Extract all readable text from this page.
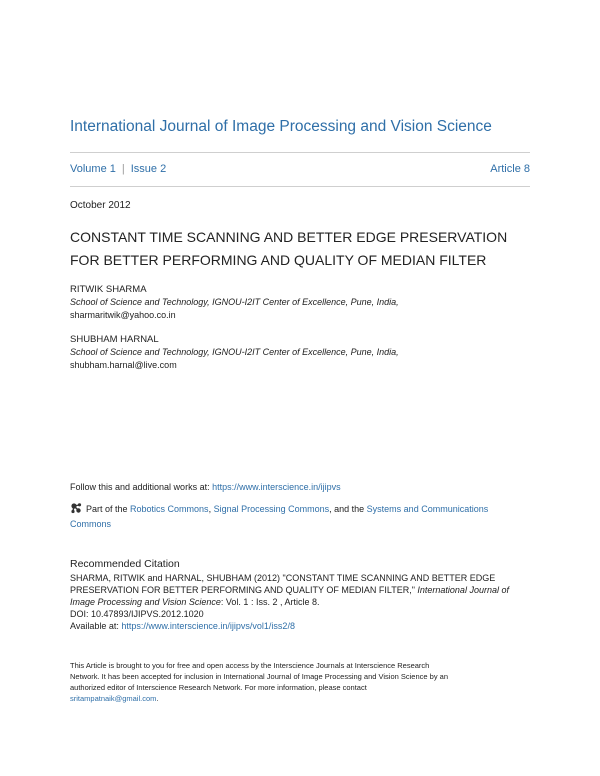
International Journal of Image Processing and Vision Science
Volume 1 | Issue 2	Article 8
October 2012
CONSTANT TIME SCANNING AND BETTER EDGE PRESERVATION
FOR BETTER PERFORMING AND QUALITY OF MEDIAN FILTER
RITWIK SHARMA
School of Science and Technology, IGNOU-I2IT Center of Excellence, Pune, India,
sharmaritwik@yahoo.co.in
SHUBHAM HARNAL
School of Science and Technology, IGNOU-I2IT Center of Excellence, Pune, India,
shubham.harnal@live.com
Follow this and additional works at: https://www.interscience.in/ijipvs
Part of the Robotics Commons, Signal Processing Commons, and the Systems and Communications
Commons
Recommended Citation
SHARMA, RITWIK and HARNAL, SHUBHAM (2012) "CONSTANT TIME SCANNING AND BETTER EDGE
PRESERVATION FOR BETTER PERFORMING AND QUALITY OF MEDIAN FILTER," International Journal of
Image Processing and Vision Science: Vol. 1 : Iss. 2 , Article 8.
DOI: 10.47893/IJIPVS.2012.1020
Available at: https://www.interscience.in/ijipvs/vol1/iss2/8
This Article is brought to you for free and open access by the Interscience Journals at Interscience Research
Network. It has been accepted for inclusion in International Journal of Image Processing and Vision Science by an
authorized editor of Interscience Research Network. For more information, please contact
sritampatnaik@gmail.com.
